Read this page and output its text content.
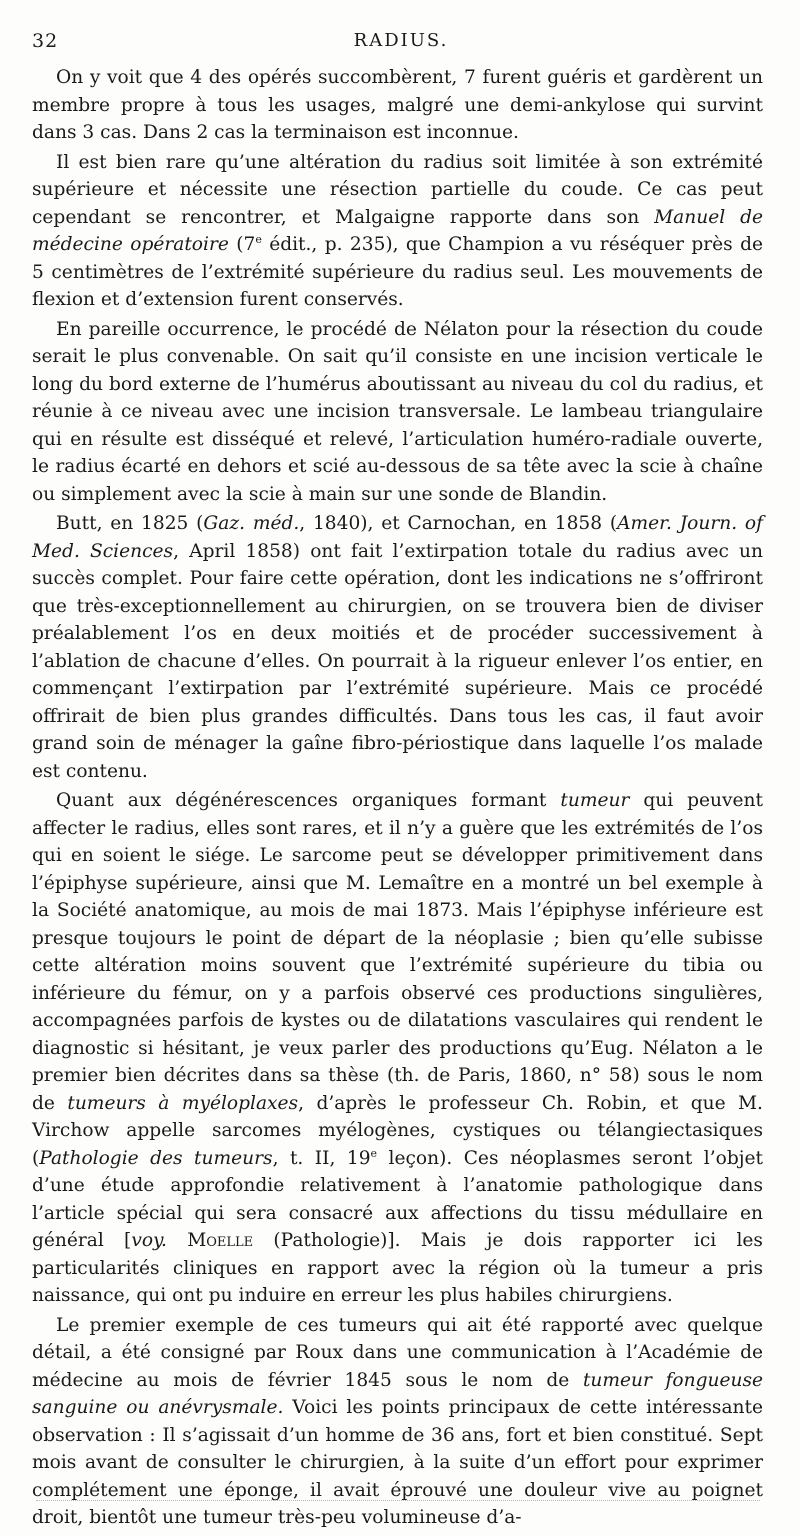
32	RADIUS.

On y voit que 4 des opérés succombèrent, 7 furent guéris et gardèrent un membre propre à tous les usages, malgré une demi-ankylose qui survint dans 3 cas. Dans 2 cas la terminaison est inconnue.

Il est bien rare qu’une altération du radius soit limitée à son extrémité supérieure et nécessite une résection partielle du coude. Ce cas peut cependant se rencontrer, et Malgaigne rapporte dans son Manuel de médecine opératoire (7e édit., p. 235), que Champion a vu réséquer près de 5 centimètres de l’extrémité supérieure du radius seul. Les mouvements de flexion et d’extension furent conservés.

En pareille occurrence, le procédé de Nélaton pour la résection du coude serait le plus convenable. On sait qu’il consiste en une incision verticale le long du bord externe de l’humérus aboutissant au niveau du col du radius, et réunie à ce niveau avec une incision transversale. Le lambeau triangulaire qui en résulte est disséqué et relevé, l’articulation huméro-radiale ouverte, le radius écarté en dehors et scié au-dessous de sa tête avec la scie à chaîne ou simplement avec la scie à main sur une sonde de Blandin.

Butt, en 1825 (Gaz. méd., 1840), et Carnochan, en 1858 (Amer. Journ. of Med. Sciences, April 1858) ont fait l’extirpation totale du radius avec un succès complet. Pour faire cette opération, dont les indications ne s’offriront que très-exceptionnellement au chirurgien, on se trouvera bien de diviser préalablement l’os en deux moitiés et de procéder successivement à l’ablation de chacune d’elles. On pourrait à la rigueur enlever l’os entier, en commençant l’extirpation par l’extrémité supérieure. Mais ce procédé offrirait de bien plus grandes difficultés. Dans tous les cas, il faut avoir grand soin de ménager la gaîne fibro-périostique dans laquelle l’os malade est contenu.

Quant aux dégénérescences organiques formant tumeur qui peuvent affecter le radius, elles sont rares, et il n’y a guère que les extrémités de l’os qui en soient le siége. Le sarcome peut se développer primitivement dans l’épiphyse supérieure, ainsi que M. Lemaître en a montré un bel exemple à la Société anatomique, au mois de mai 1873. Mais l’épiphyse inférieure est presque toujours le point de départ de la néoplasie ; bien qu’elle subisse cette altération moins souvent que l’extrémité supérieure du tibia ou inférieure du fémur, on y a parfois observé ces productions singulières, accompagnées parfois de kystes ou de dilatations vasculaires qui rendent le diagnostic si hésitant, je veux parler des productions qu’Eug. Nélaton a le premier bien décrites dans sa thèse (th. de Paris, 1860, n° 58) sous le nom de tumeurs à myéloplaxes, d’après le professeur Ch. Robin, et que M. Virchow appelle sarcomes myélogènes, cystiques ou télangiectasiques (Pathologie des tumeurs, t. II, 19e leçon). Ces néoplasmes seront l’objet d’une étude approfondie relativement à l’anatomie pathologique dans l’article spécial qui sera consacré aux affections du tissu médullaire en général [voy. Moelle (Pathologie)]. Mais je dois rapporter ici les particularités cliniques en rapport avec la région où la tumeur a pris naissance, qui ont pu induire en erreur les plus habiles chirurgiens.

Le premier exemple de ces tumeurs qui ait été rapporté avec quelque détail, a été consigné par Roux dans une communication à l’Académie de médecine au mois de février 1845 sous le nom de tumeur fongueuse sanguine ou anévrysmale. Voici les points principaux de cette intéressante observation : Il s’agissait d’un homme de 36 ans, fort et bien constitué. Sept mois avant de consulter le chirurgien, à la suite d’un effort pour exprimer complétement une éponge, il avait éprouvé une douleur vive au poignet droit, bientôt une tumeur très-peu volumineuse d’a-
